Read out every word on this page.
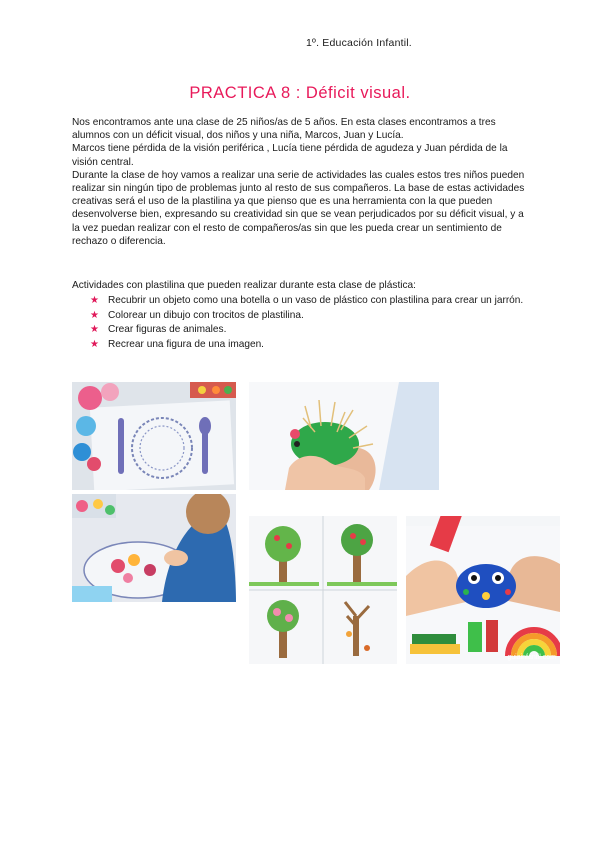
1º. Educación Infantil.
PRACTICA 8 : Déficit visual.

Nos encontramos ante una clase de 25 niños/as de 5 años. En esta clases encontramos a tres alumnos con un déficit visual, dos niños y una niña, Marcos, Juan y Lucía.

Marcos tiene pérdida de la visión periférica , Lucía tiene pérdida de agudeza y Juan pérdida de la visión central.

Durante la clase de hoy vamos a realizar una serie de actividades las cuales estos tres niños pueden realizar sin ningún tipo de problemas junto al resto de sus compañeros. La base de estas actividades creativas será el uso de la plastilina ya que pienso que es una herramienta con la que pueden desenvolverse bien, expresando su creatividad sin que se vean perjudicados por su déficit visual, y a la vez puedan realizar con el resto de compañeros/as sin que les pueda crear un sentimiento de rechazo o diferencia.

Actividades con plastilina que pueden realizar durante esta clase de plástica:
★ Recubrir un objeto como una botella o un vaso de plástico con plastilina para crear un jarrón.
★ Colorear un dibujo con trocitos de plastilina.
★ Crear figuras de animales.
★ Recrear una figura de una imagen.
guiainfantil.com
